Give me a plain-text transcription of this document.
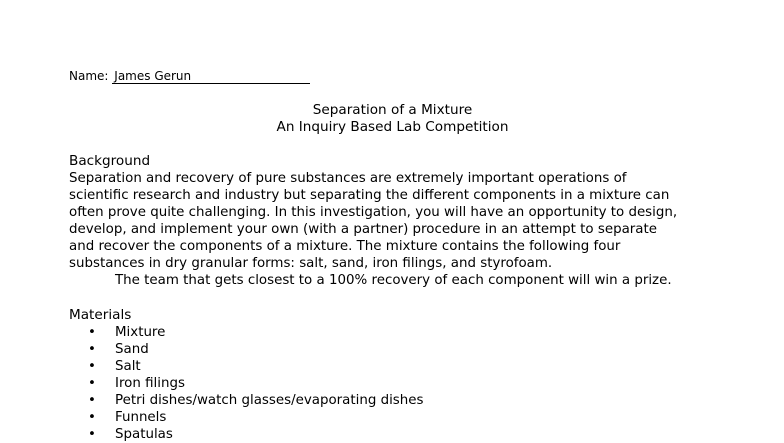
Name: James Gerun
Separation of a Mixture
An Inquiry Based Lab Competition
Background
Separation and recovery of pure substances are extremely important operations of
scientific research and industry but separating the different components in a mixture can
often prove quite challenging. In this investigation, you will have an opportunity to design,
develop, and implement your own (with a partner) procedure in an attempt to separate
and recover the components of a mixture. The mixture contains the following four
substances in dry granular forms: salt, sand, iron filings, and styrofoam.
The team that gets closest to a 100% recovery of each component will win a prize.
Materials
• Mixture
• Sand
• Salt
• Iron filings
• Petri dishes/watch glasses/evaporating dishes
• Funnels
• Spatulas
